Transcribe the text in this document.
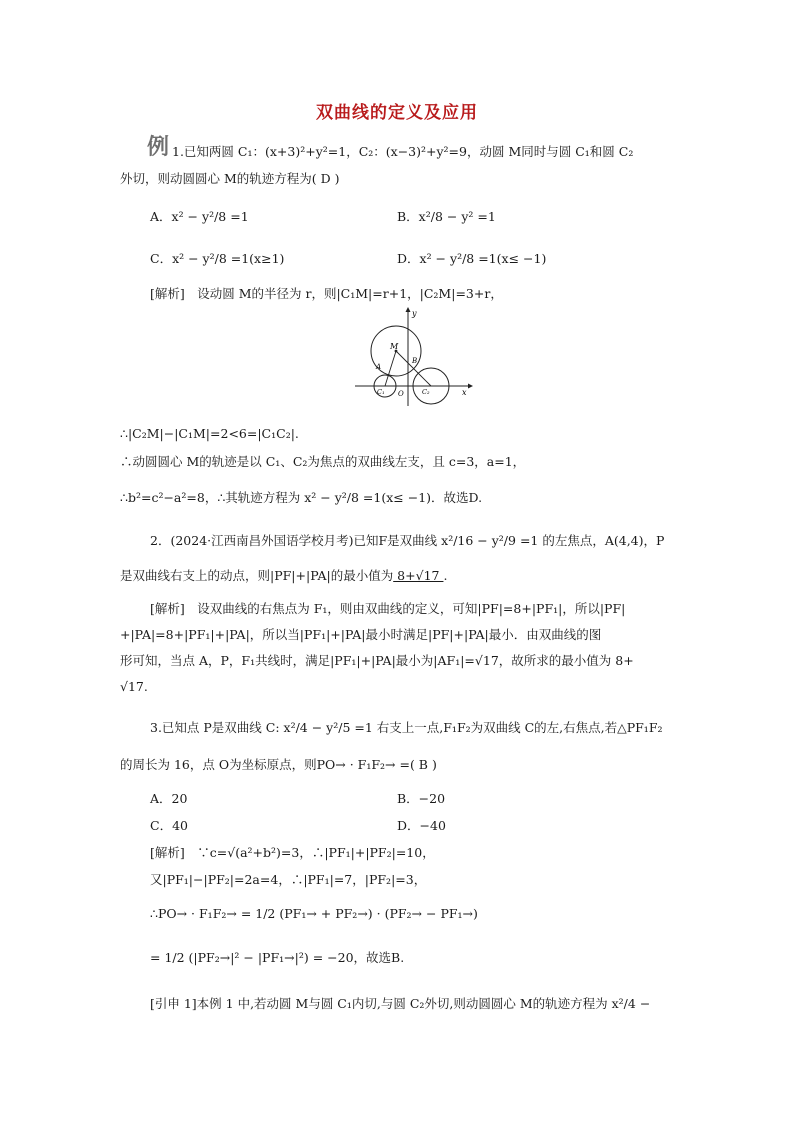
双曲线的定义及应用
例 1.已知两圆 C₁：(x+3)²+y²=1，C₂：(x−3)²+y²=9，动圆 M同时与圆 C₁和圆 C₂
外切，则动圆圆心 M的轨迹方程为( D )
A．x² − y²/8 =1	B．x²/8 − y² =1
C．x² − y²/8 =1(x≥1)	D．x² − y²/8 =1(x≤ −1)
[解析]　设动圆 M的半径为 r，则|C₁M|=r+1，|C₂M|=3+r，
y
x
M
A
B
O
C₁	C₂
∴|C₂M|−|C₁M|=2<6=|C₁C₂|.
∴动圆圆心 M的轨迹是以 C₁、C₂为焦点的双曲线左支，且 c=3，a=1，
∴b²=c²−a²=8，∴其轨迹方程为 x² − y²/8 =1(x≤ −1)．故选D.
2．(2024·江西南昌外国语学校月考)已知F是双曲线 x²/16 − y²/9 =1 的左焦点，A(4,4)，P
是双曲线右支上的动点，则|PF|+|PA|的最小值为 8+√17 .
[解析]　设双曲线的右焦点为 F₁，则由双曲线的定义，可知|PF|=8+|PF₁|，所以|PF|
+|PA|=8+|PF₁|+|PA|，所以当|PF₁|+|PA|最小时满足|PF|+|PA|最小．由双曲线的图
形可知，当点 A，P，F₁共线时，满足|PF₁|+|PA|最小为|AF₁|=√17，故所求的最小值为 8+
√17.
3.已知点 P是双曲线 C: x²/4 − y²/5 =1 右支上一点,F₁F₂为双曲线 C的左,右焦点,若△PF₁F₂
的周长为 16，点 O为坐标原点，则PO→ · F₁F₂→ =( B )
A．20	B．−20
C．40	D．−40
[解析]　∵c=√(a²+b²)=3，∴|PF₁|+|PF₂|=10，
又|PF₁|−|PF₂|=2a=4，∴|PF₁|=7，|PF₂|=3，
∴PO→ · F₁F₂→ = 1/2 (PF₁→ + PF₂→) · (PF₂→ − PF₁→)
= 1/2 (|PF₂→|² − |PF₁→|²) = −20，故选B.
[引申 1]本例 1 中,若动圆 M与圆 C₁内切,与圆 C₂外切,则动圆圆心 M的轨迹方程为 x²/4 −
